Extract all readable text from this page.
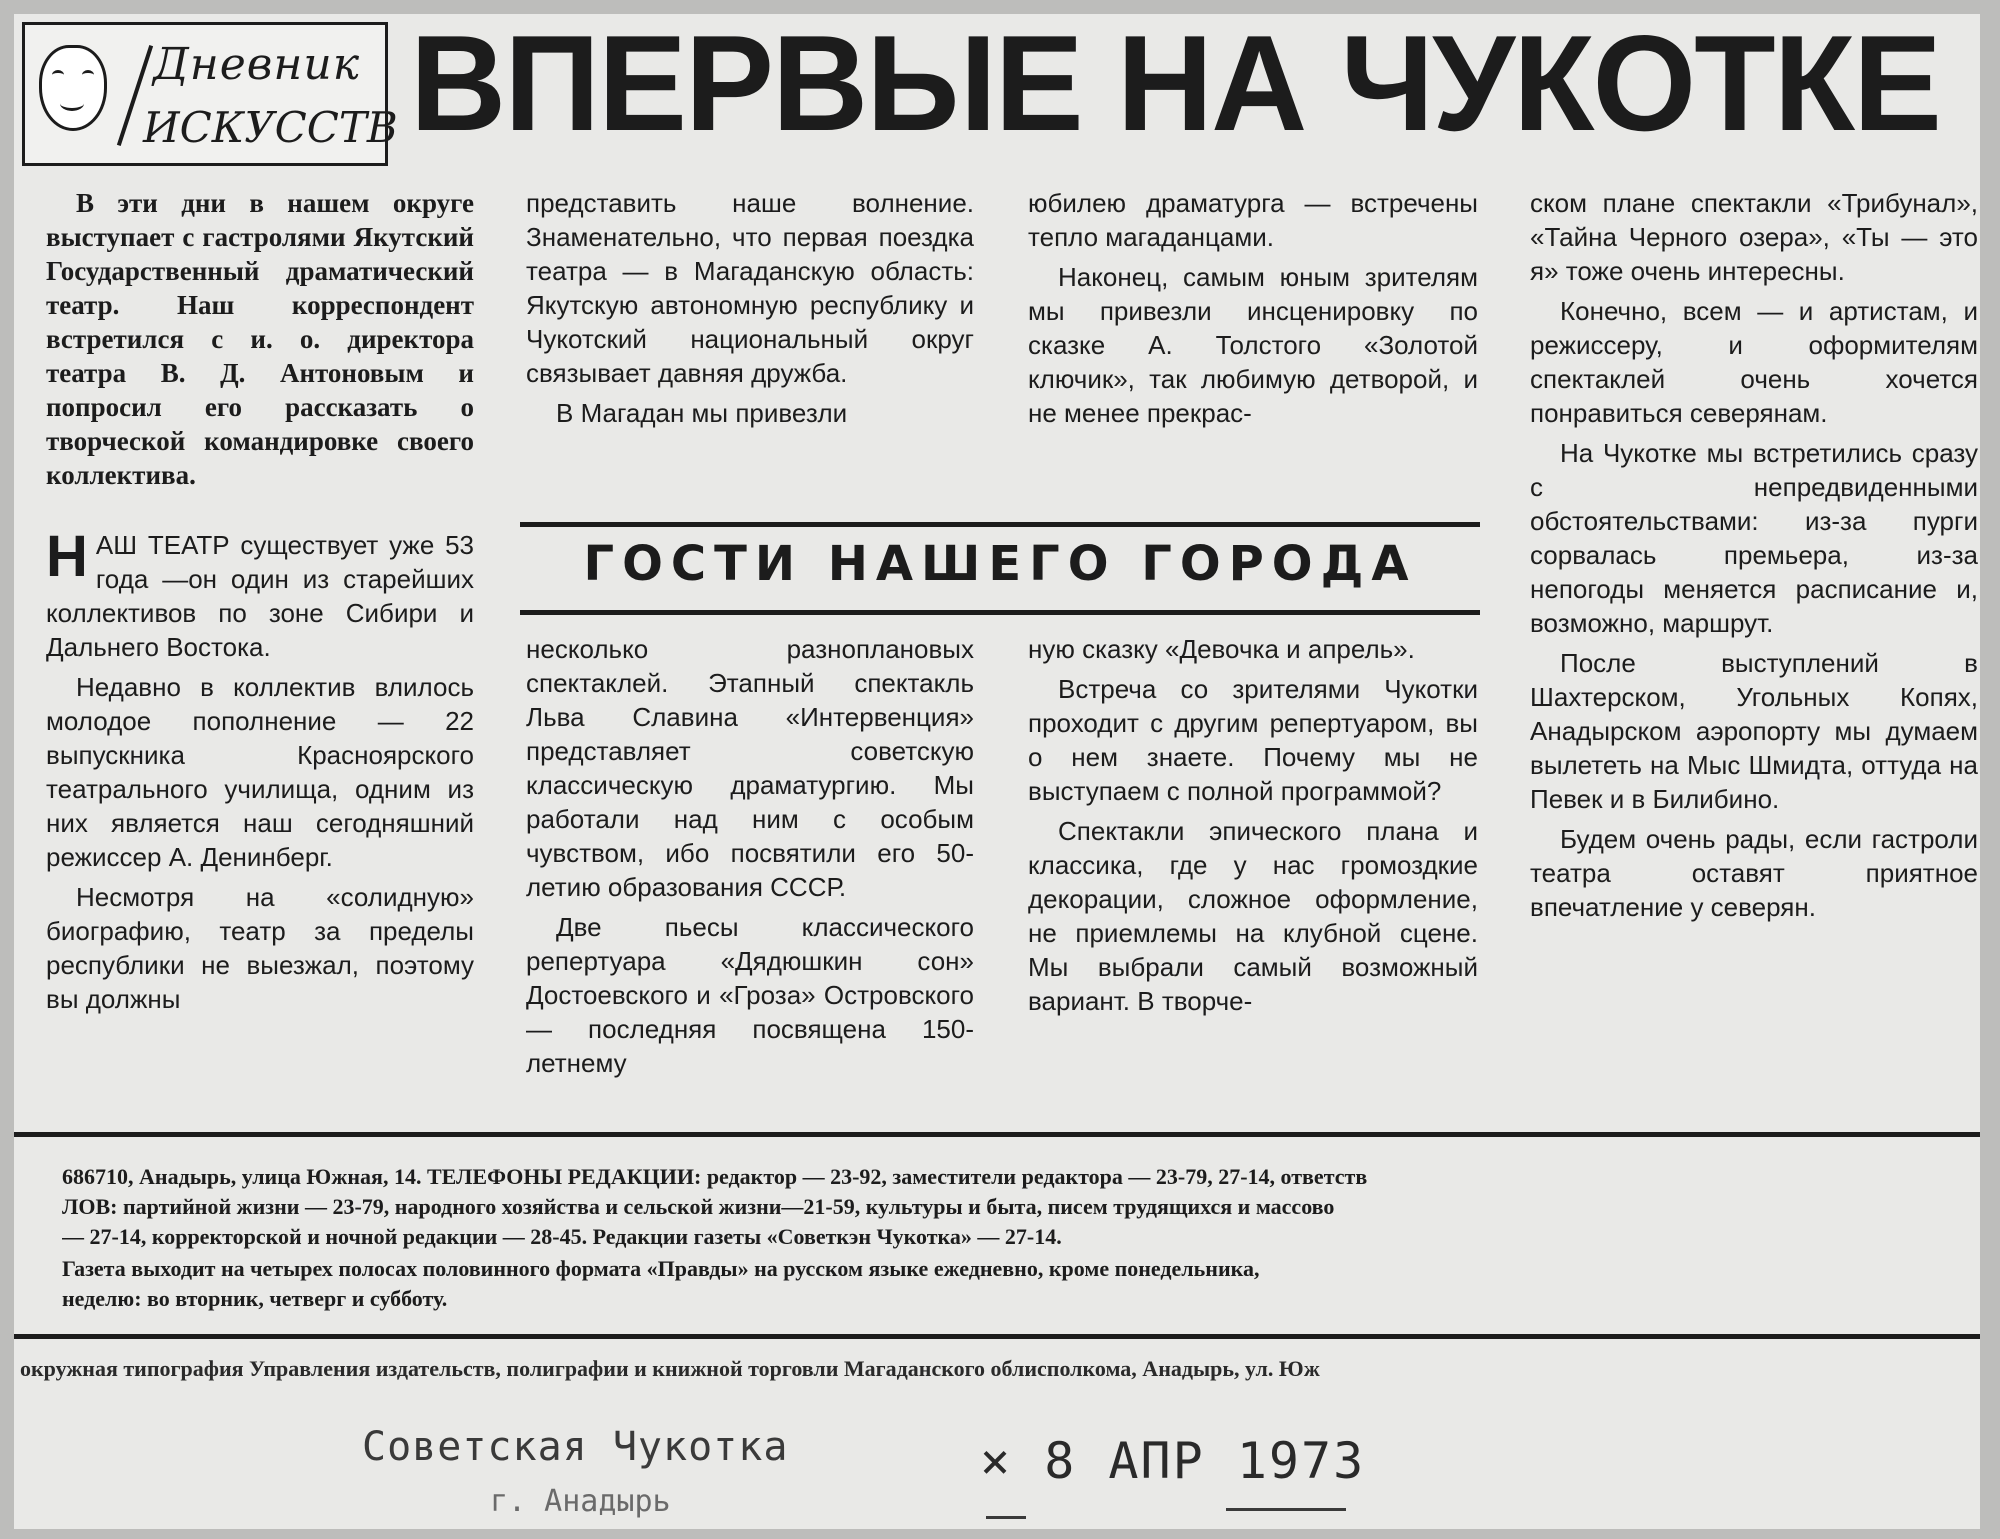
Дневник
ИСКУССТВ ВПЕРВЫЕ НА ЧУКОТКЕ

В эти дни в нашем округе выступает с гастролями Якутский Государственный драматический театр. Наш корреспондент встретился с и. о. директора театра В. Д. Антоновым и попросил его рассказать о творческой командировке своего коллектива.

НАШ ТЕАТР существует уже 53 года —он один из старейших коллективов по зоне Сибири и Дальнего Востока.

Недавно в коллектив влилось молодое пополнение — 22 выпускника Красноярского театрального училища, одним из них является наш сегодняшний режиссер А. Денинберг.

Несмотря на «солидную» биографию, театр за пределы республики не выезжал, поэтому вы должны

представить наше волнение. Знаменательно, что первая поездка театра — в Магаданскую область: Якутскую автономную республику и Чукотский национальный округ связывает давняя дружба.

В Магадан мы привезли

юбилею драматурга — встречены тепло магаданцами.

Наконец, самым юным зрителям мы привезли инсценировку по сказке А. Толстого «Золотой ключик», так любимую детворой, и не менее прекрас-

ГОСТИ НАШЕГО ГОРОДА

несколько разноплановых спектаклей. Этапный спектакль Льва Славина «Интервенция» представляет советскую классическую драматургию. Мы работали над ним с особым чувством, ибо посвятили его 50-летию образования СССР.

Две пьесы классического репертуара «Дядюшкин сон» Достоевского и «Гроза» Островского — последняя посвящена 150-летнему

ную сказку «Девочка и апрель».

Встреча со зрителями Чукотки проходит с другим репертуаром, вы о нем знаете. Почему мы не выступаем с полной программой?

Спектакли эпического плана и классика, где у нас громоздкие декорации, сложное оформление, не приемлемы на клубной сцене. Мы выбрали самый возможный вариант. В творче-

ском плане спектакли «Трибунал», «Тайна Черного озера», «Ты — это я» тоже очень интересны.

Конечно, всем — и артистам, и режиссеру, и оформителям спектаклей очень хочется понравиться северянам.

На Чукотке мы встретились сразу с непредвиденными обстоятельствами: из-за пурги сорвалась премьера, из-за непогоды меняется расписание и, возможно, маршрут.

После выступлений в Шахтерском, Угольных Копях, Анадырском аэропорту мы думаем вылететь на Мыс Шмидта, оттуда на Певек и в Билибино.

Будем очень рады, если гастроли театра оставят приятное впечатление у северян.

686710, Анадырь, улица Южная, 14. ТЕЛЕФОНЫ РЕДАКЦИИ: редактор — 23-92, заместители редактора — 23-79, 27-14, ответств
ЛОВ: партийной жизни — 23-79, народного хозяйства и сельской жизни—21-59, культуры и быта, писем трудящихся и массово
— 27-14, корректорской и ночной редакции — 28-45. Редакции газеты «Советкэн Чукотка» — 27-14.
Газета выходит на четырех полосах половинного формата «Правды» на русском языке ежедневно, кроме понедельника,
неделю: во вторник, четверг и субботу.
окружная типография Управления издательств, полиграфии и книжной торговли Магаданского облисполкома, Анадырь, ул. Юж
Советская Чукотка
г. Анадырь
× 8 АПР 1973
